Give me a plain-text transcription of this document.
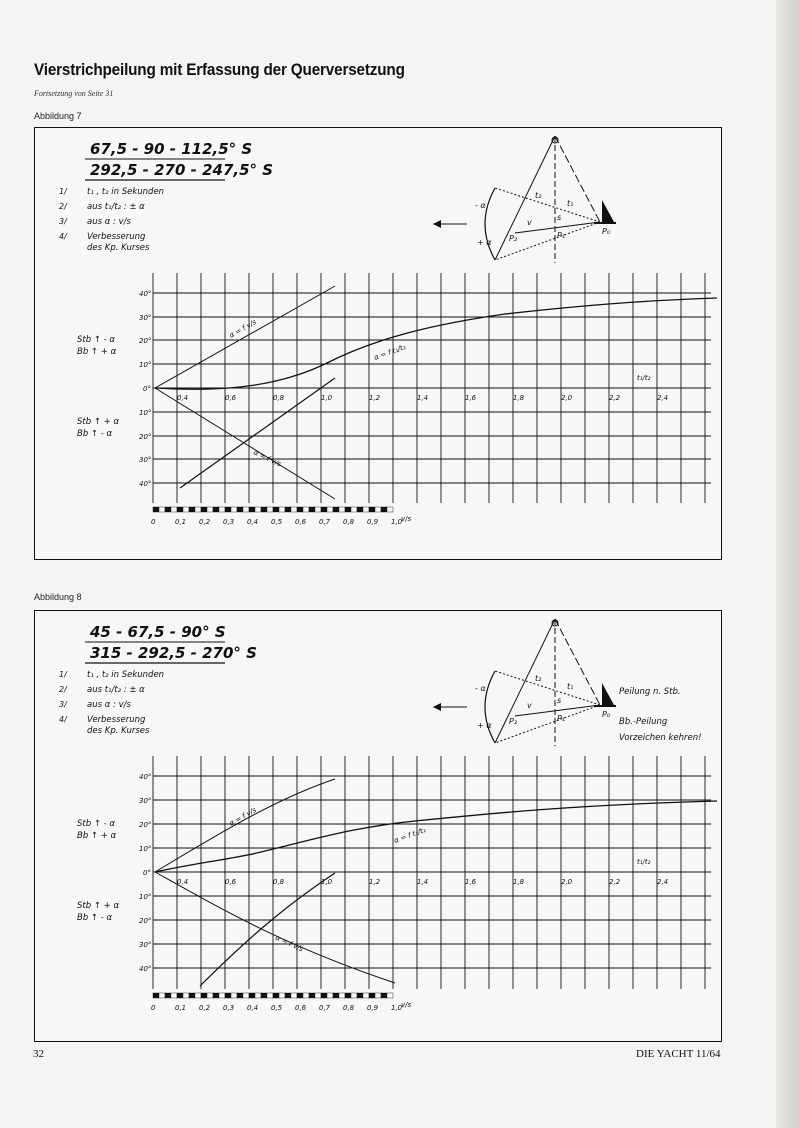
Vierstrichpeilung mit Erfassung der Querversetzung
Fortsetzung von Seite 31
Abbildung 7
67,5 - 90 - 112,5° S
292,5 - 270 - 247,5° S
1/ t₁ , t₂ in Sekunden
2/ aus t₁/t₂ : ± α
3/ aus α : v/s
4/ Verbesserung
des Kp. Kurses
- α
+ α
t₂
t₁
s
P₀
P₁
P₂
v
40°
30°
20°
10°
0°
10°
20°
30°
40°
Stb ↑ - α
Bb ↑ + α
Stb ↑ + α
Bb ↑ - α
0,4	0,6	0,8	1,0	1,2	1,4	1,6	1,8	2,0	2,2	2,4
t₁/t₂
0	0,1 0,2 0,3 0,4 0,5 0,6 0,7 0,8 0,9 1,0
v/s
α = f t₁/t₂
α = f v/s
α = f v/s
Abbildung 8
45 - 67,5 - 90° S
315 - 292,5 - 270° S
1/ t₁ , t₂ in Sekunden
2/ aus t₁/t₂ : ± α
3/ aus α : v/s
4/ Verbesserung
des Kp. Kurses
- α
+ α
t₂
t₁
s
P₀
P₁
P₂
v
Peilung n. Stb.
Bb.-Peilung
Vorzeichen kehren!
40°
30°
20°
10°
0°
10°
20°
30°
40°
Stb ↑ - α
Bb ↑ + α
Stb ↑ + α
Bb ↑ - α
0,4	0,6	0,8	1,0	1,2	1,4	1,6	1,8	2,0	2,2	2,4
t₁/t₂
0	0,1 0,2 0,3 0,4 0,5 0,6 0,7 0,8 0,9 1,0
v/s
α = f t₁/t₂
α = f v/s
α = f v/s
32	DIE YACHT 11/64
